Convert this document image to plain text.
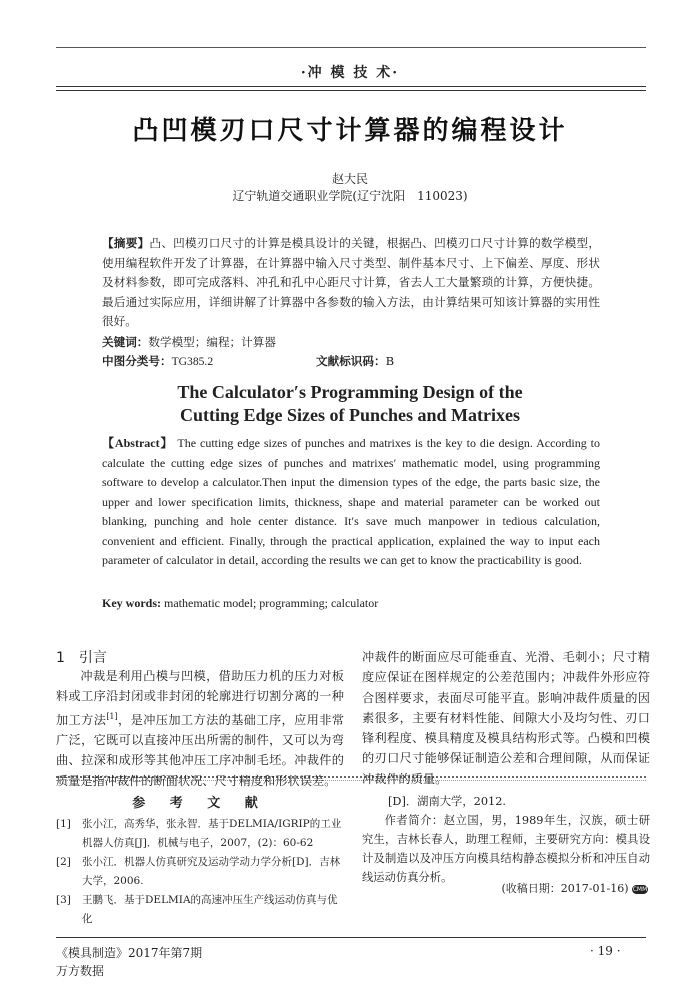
·冲 模 技 术·
凸凹模刃口尺寸计算器的编程设计
赵大民
辽宁轨道交通职业学院(辽宁沈阳　110023)
【摘要】凸、凹模刃口尺寸的计算是模具设计的关键，根据凸、凹模刃口尺寸计算的数学模型，使用编程软件开发了计算器，在计算器中输入尺寸类型、制件基本尺寸、上下偏差、厚度、形状及材料参数，即可完成落料、冲孔和孔中心距尺寸计算，省去人工大量繁琐的计算，方便快捷。最后通过实际应用，详细讲解了计算器中各参数的输入方法，由计算结果可知该计算器的实用性很好。
关键词：数学模型；编程；计算器
中图分类号：TG385.2	文献标识码：B
The Calculator′s Programming Design of the
Cutting Edge Sizes of Punches and Matrixes
【Abstract】 The cutting edge sizes of punches and matrixes is the key to die design. According to calculate the cutting edge sizes of punches and matrixes′ mathematic model, using programming software to develop a calculator.Then input the dimension types of the edge, the parts basic size, the upper and lower specification limits, thickness, shape and material parameter can be worked out blanking, punching and hole center distance. It′s save much manpower in tedious calculation, convenient and efficient. Finally, through the practical application, explained the way to input each parameter of calculator in detail, according the results we can get to know the practicability is good.
Key words: mathematic model; programming; calculator
1　引言
冲裁是利用凸模与凹模，借助压力机的压力对板料或工序沿封闭或非封闭的轮廓进行切割分离的一种加工方法[1]，是冲压加工方法的基础工序，应用非常广泛，它既可以直接冲压出所需的制件，又可以为弯曲、拉深和成形等其他冲压工序冲制毛坯。冲裁件的质量是指冲裁件的断面状况、尺寸精度和形状误差。
冲裁件的断面应尽可能垂直、光滑、毛刺小；尺寸精度应保证在图样规定的公差范围内；冲裁件外形应符合图样要求，表面尽可能平直。影响冲裁件质量的因素很多，主要有材料性能、间隙大小及均匀性、刃口锋利程度、模具精度及模具结构形式等。凸模和凹模的刃口尺寸能够保证制造公差和合理间隙，从而保证冲裁件的质量。
参 考 文 献
[1]	张小江，高秀华，张永智．基于DELMIA/IGRIP的工业机器人仿真[J]．机械与电子，2007，(2)：60-62
[2]	张小江．机器人仿真研究及运动学动力学分析[D]．吉林大学，2006.
[3]	王鹏飞．基于DELMIA的高速冲压生产线运动仿真与优化
[D]．湖南大学，2012.
作者简介：赵立国，男，1989年生，汉族，硕士研究生，吉林长春人，助理工程师，主要研究方向：模具设计及制造以及冲压方向模具结构静态模拟分析和冲压自动线运动仿真分析。
(收稿日期：2017-01-16) CMM
《模具制造》2017年第7期	· 19 ·
万方数据
